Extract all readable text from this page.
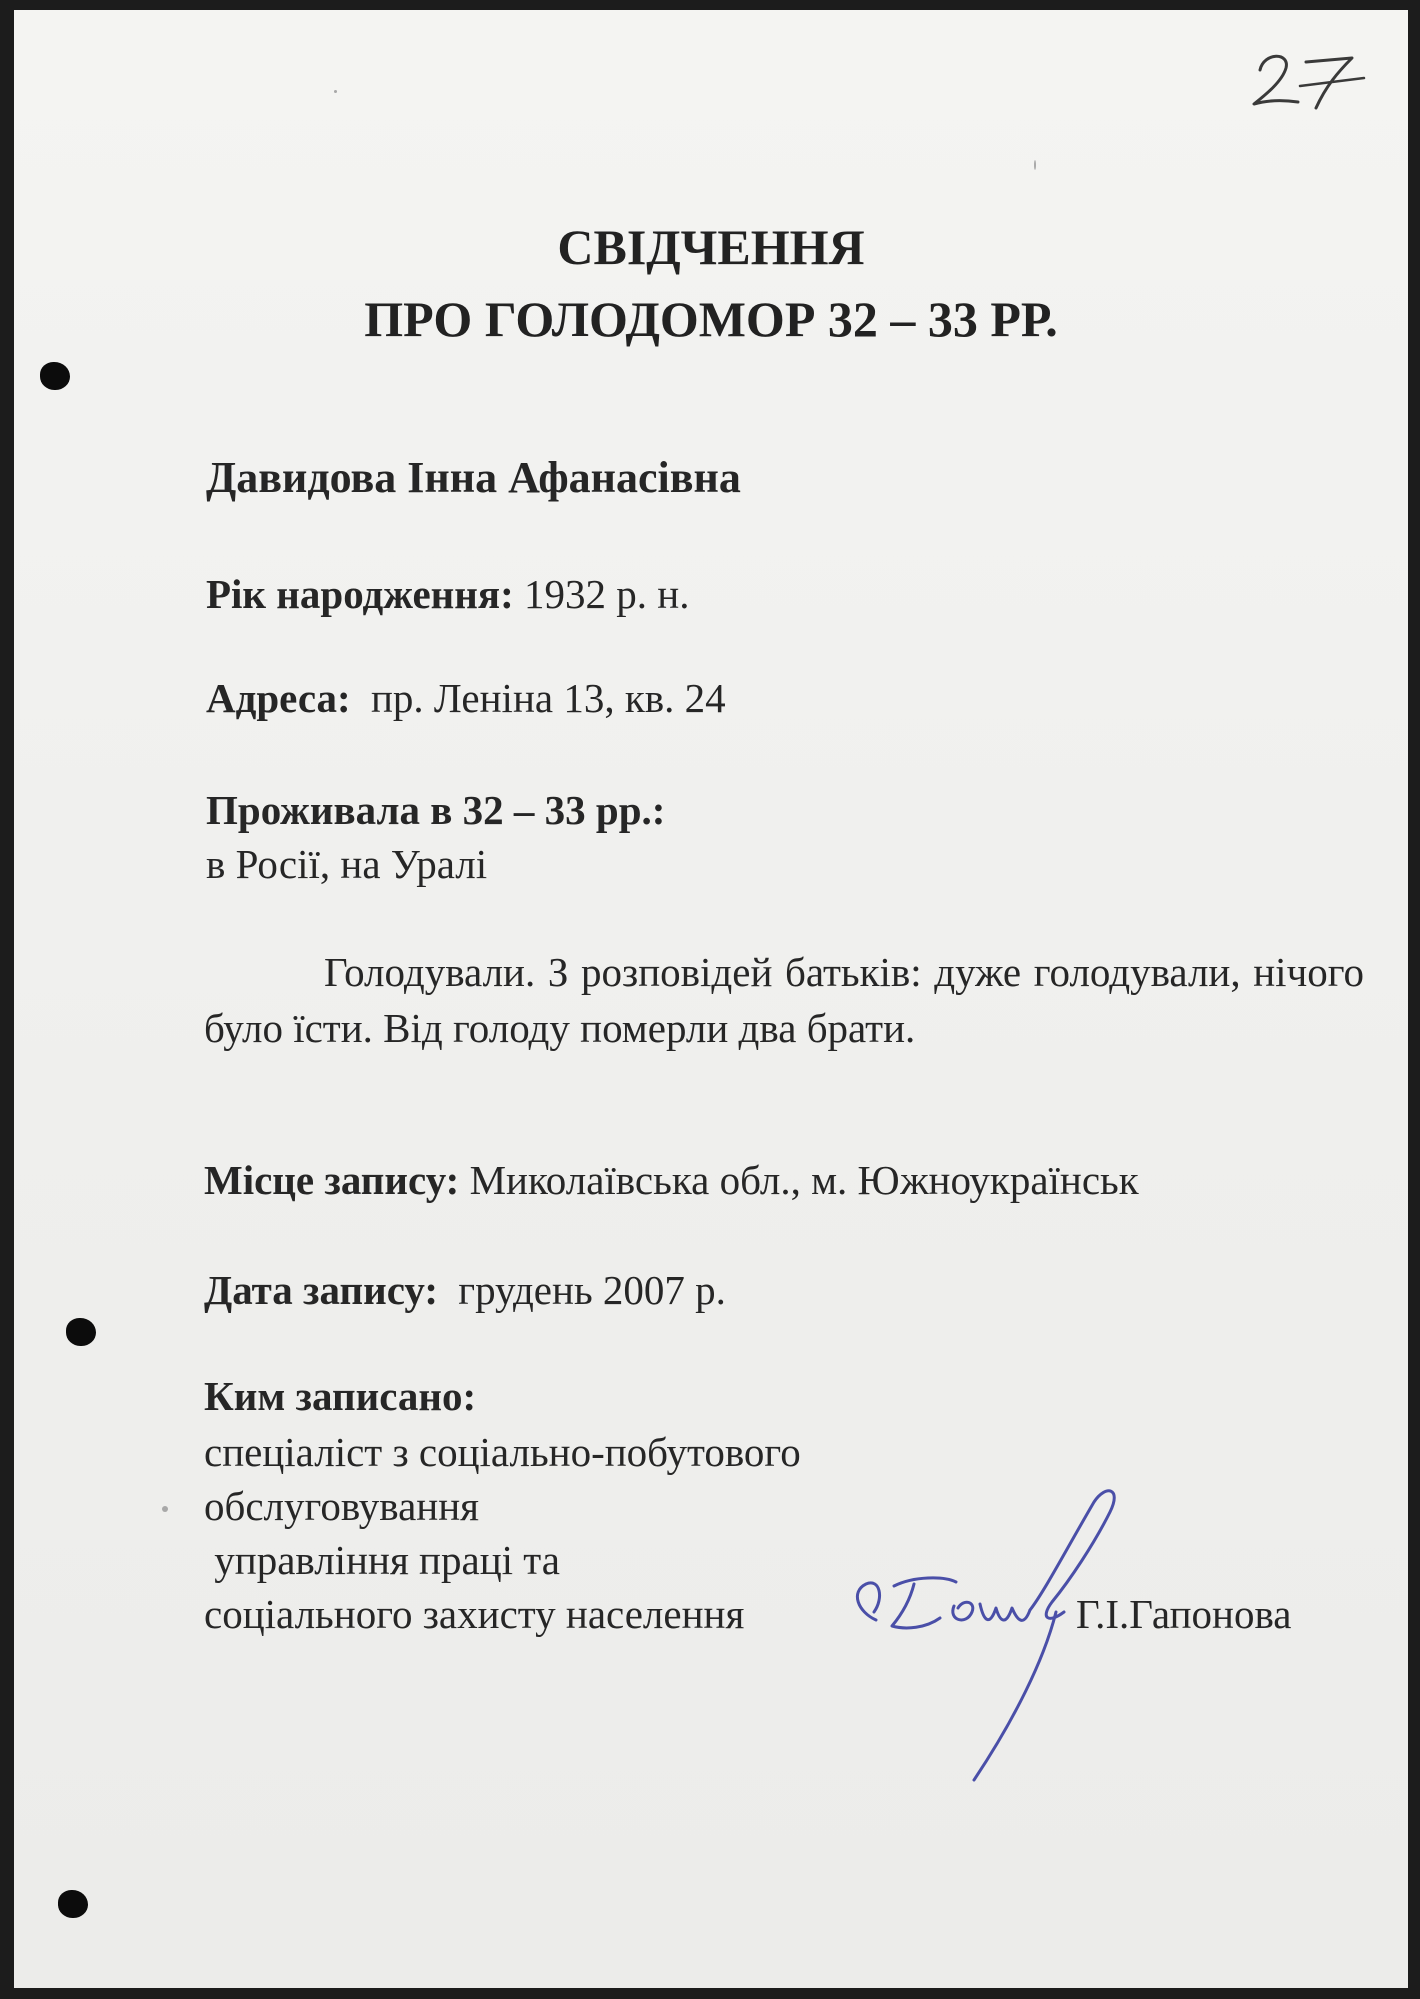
СВІДЧЕННЯ
ПРО ГОЛОДОМОР 32 – 33 РР.
Давидова Інна Афанасівна
Рік народження: 1932 р. н.
Адреса: пр. Леніна 13, кв. 24
Проживала в 32 – 33 рр.:
в Росії, на Уралі

Голодували. З розповідей батьків: дуже голодували, нічого було їсти. Від голоду померли два брати.

Місце запису: Миколаївська обл., м. Южноукраїнськ
Дата запису: грудень 2007 р.
Ким записано:
спеціаліст з соціально-побутового
обслуговування
управління праці та
соціального захисту населення	Г.І.Гапонова
